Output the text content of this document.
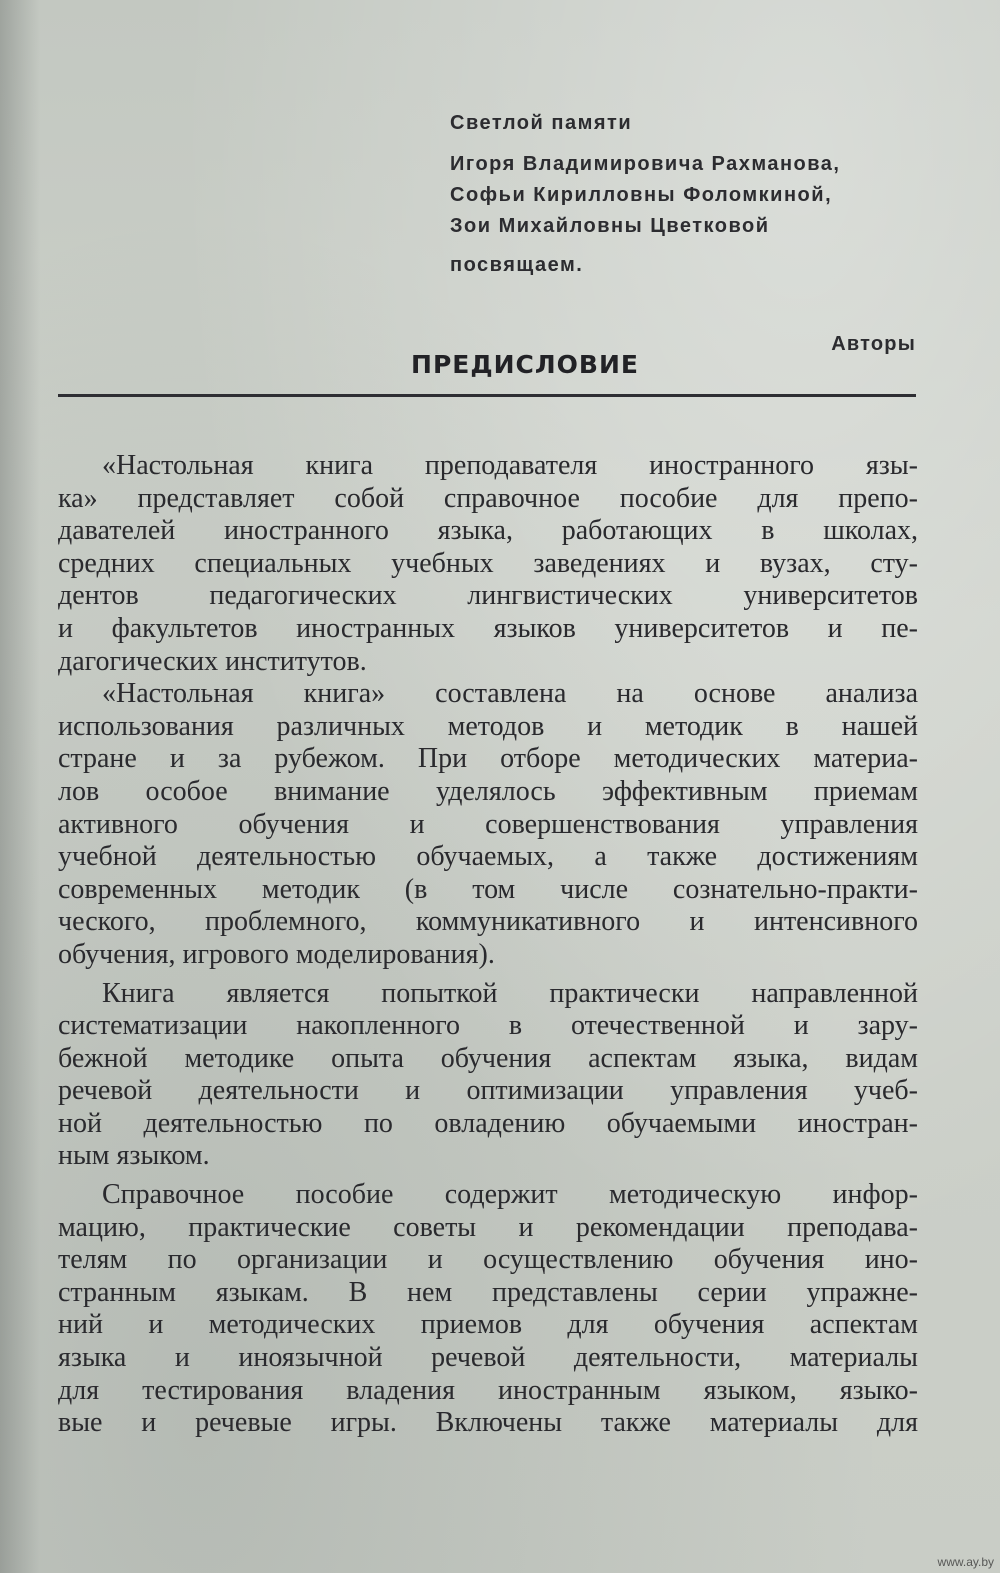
Светлой памяти
Игоря Владимировича Рахманова,
Софьи Кирилловны Фоломкиной,
Зои Михайловны Цветковой
посвящаем.
Авторы
ПРЕДИСЛОВИЕ
«Настольная книга преподавателя иностранного язы-
ка» представляет собой справочное пособие для препо-
давателей иностранного языка, работающих в школах,
средних специальных учебных заведениях и вузах, сту-
дентов педагогических лингвистических университетов
и факультетов иностранных языков университетов и пе-
дагогических институтов.
«Настольная книга» составлена на основе анализа
использования различных методов и методик в нашей
стране и за рубежом. При отборе методических материа-
лов особое внимание уделялось эффективным приемам
активного обучения и совершенствования управления
учебной деятельностью обучаемых, а также достижениям
современных методик (в том числе сознательно-практи-
ческого, проблемного, коммуникативного и интенсивного
обучения, игрового моделирования).
Книга является попыткой практически направленной
систематизации накопленного в отечественной и зару-
бежной методике опыта обучения аспектам языка, видам
речевой деятельности и оптимизации управления учеб-
ной деятельностью по овладению обучаемыми иностран-
ным языком.
Справочное пособие содержит методическую инфор-
мацию, практические советы и рекомендации преподава-
телям по организации и осуществлению обучения ино-
странным языкам. В нем представлены серии упражне-
ний и методических приемов для обучения аспектам
языка и иноязычной речевой деятельности, материалы
для тестирования владения иностранным языком, языко-
вые и речевые игры. Включены также материалы для
www.ay.by
